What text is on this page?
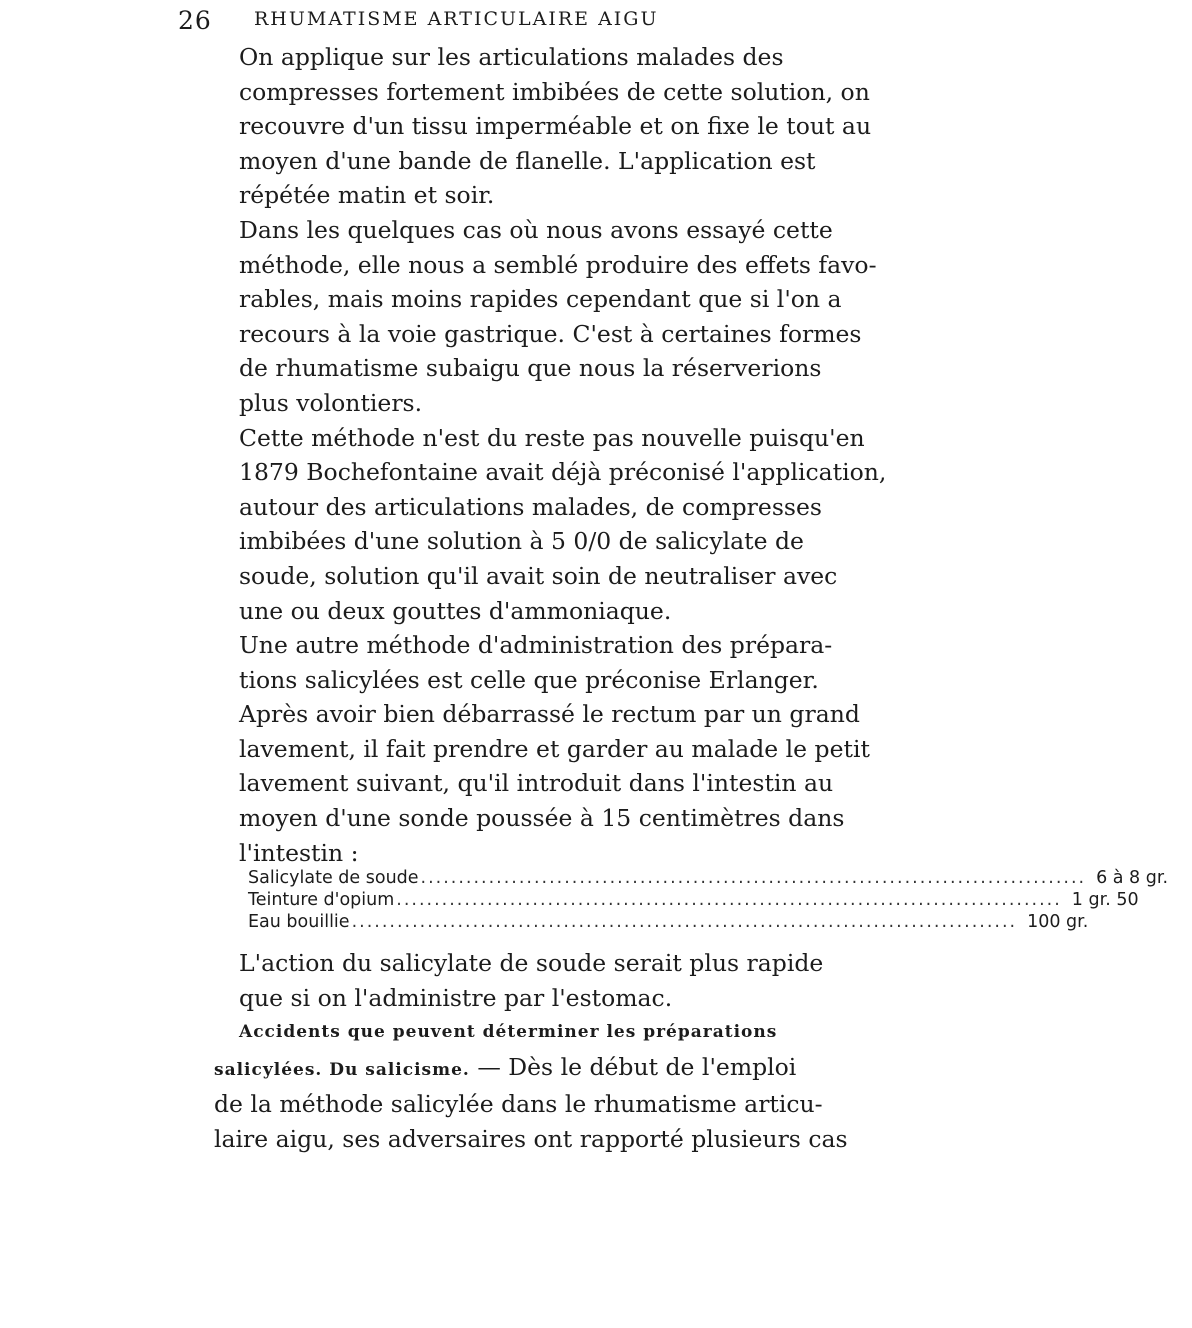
26 RHUMATISME ARTICULAIRE AIGU

On applique sur les articulations malades des
compresses fortement imbibées de cette solution, on
recouvre d'un tissu imperméable et on fixe le tout au
moyen d'une bande de flanelle. L'application est
répétée matin et soir.

Dans les quelques cas où nous avons essayé cette
méthode, elle nous a semblé produire des effets favo-
rables, mais moins rapides cependant que si l'on a
recours à la voie gastrique. C'est à certaines formes
de rhumatisme subaigu que nous la réserverions
plus volontiers.

Cette méthode n'est du reste pas nouvelle puisqu'en
1879 Bochefontaine avait déjà préconisé l'application,
autour des articulations malades, de compresses
imbibées d'une solution à 5 0/0 de salicylate de
soude, solution qu'il avait soin de neutraliser avec
une ou deux gouttes d'ammoniaque.

Une autre méthode d'administration des prépara-
tions salicylées est celle que préconise Erlanger.
Après avoir bien débarrassé le rectum par un grand
lavement, il fait prendre et garder au malade le petit
lavement suivant, qu'il introduit dans l'intestin au
moyen d'une sonde poussée à 15 centimètres dans
l'intestin :

Salicylate de soude .....	6 à 8 gr.
Teinture d'opium .....	1 gr. 50
Eau bouillie .....	100 gr.

L'action du salicylate de soude serait plus rapide
que si on l'administre par l'estomac.

Accidents que peuvent déterminer les préparations
salicylées. Du salicisme. — Dès le début de l'emploi
de la méthode salicylée dans le rhumatisme articu-
laire aigu, ses adversaires ont rapporté plusieurs cas
